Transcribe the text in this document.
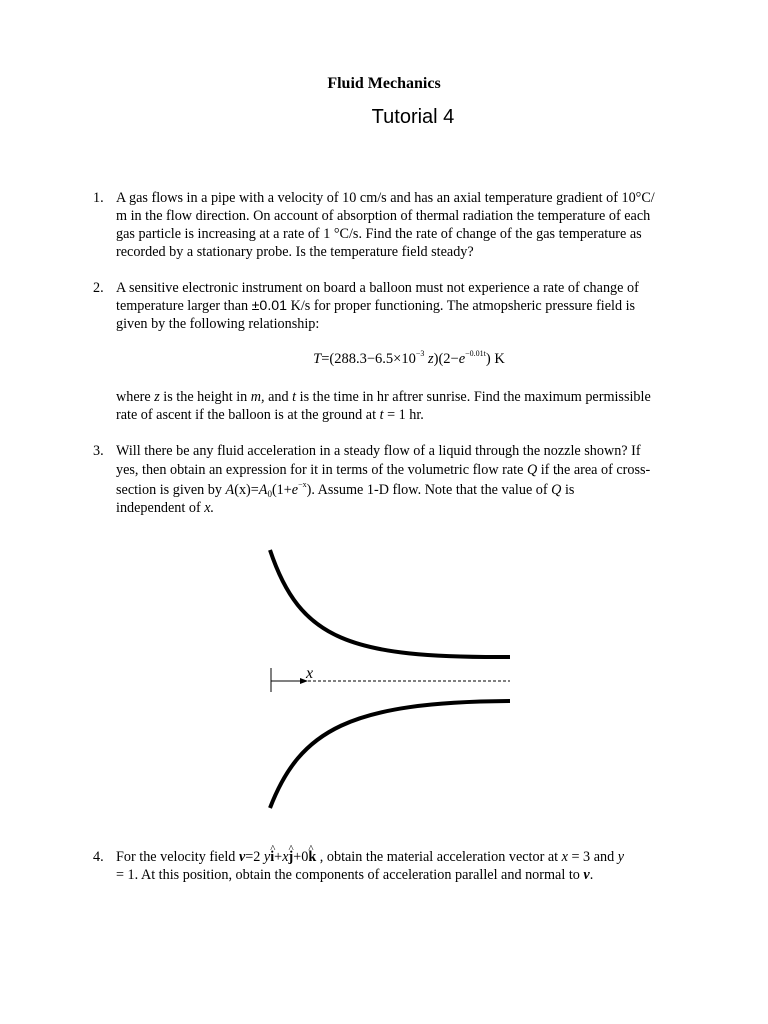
Fluid Mechanics
Tutorial 4
1. A gas flows in a pipe with a velocity of 10 cm/s and has an axial temperature gradient of 10°C/
m in the flow direction. On account of absorption of thermal radiation the temperature of each
gas particle is increasing at a rate of 1 °C/s. Find the rate of change of the gas temperature as
recorded by a stationary probe. Is the temperature field steady?
2. A sensitive electronic instrument on board a balloon must not experience a rate of change of
temperature larger than ±0.01 K/s for proper functioning. The atmopsheric pressure field is
given by the following relationship:
$T=(288.3-6.5\times 10^{-3}$ $z)(2-e^{-0.01t})$ K
where z is the height in m, and t is the time in hr aftrer sunrise. Find the maximum permissible
rate of ascent if the balloon is at the ground at t = 1 hr.
3. Will there be any fluid acceleration in a steady flow of a liquid through the nozzle shown? If
yes, then obtain an expression for it in terms of the volumetric flow rate Q ˙ if the area of cross-
section is given by $A(x)=A_0(1+e^{-x})$. Assume 1-D flow. Note that the value of Q ˙ is
independent of x.
x
4. For the velocity field v=2 yi ^+xj ^+0k ^ , obtain the material acceleration vector at x = 3 and y
= 1. At this position, obtain the components of acceleration parallel and normal to v.
